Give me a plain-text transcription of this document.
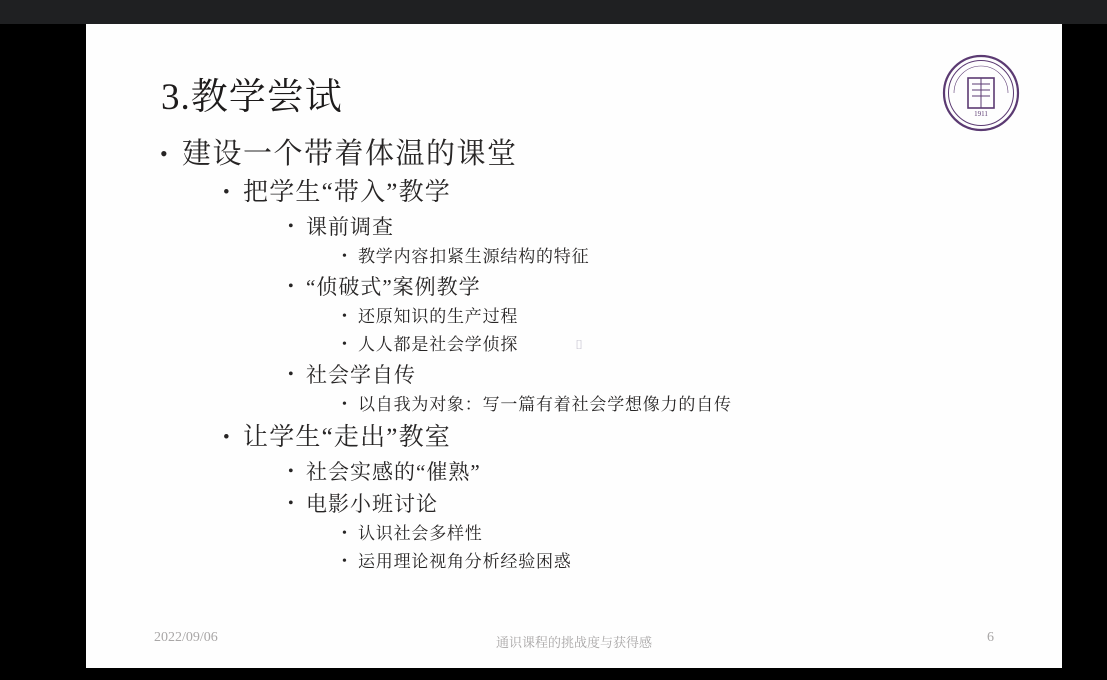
3.教学尝试	1911
• 建设一个带着体温的课堂
• 把学生“带入”教学
• 课前调查
• 教学内容扣紧生源结构的特征
• “侦破式”案例教学
• 还原知识的生产过程
• 人人都是社会学侦探
• 社会学自传
• 以自我为对象：写一篇有着社会学想像力的自传
• 让学生“走出”教室
• 社会实感的“催熟”
• 电影小班讨论
• 认识社会多样性
• 运用理论视角分析经验困惑
2022/09/06	通识课程的挑战度与获得感	6
 ⌷
